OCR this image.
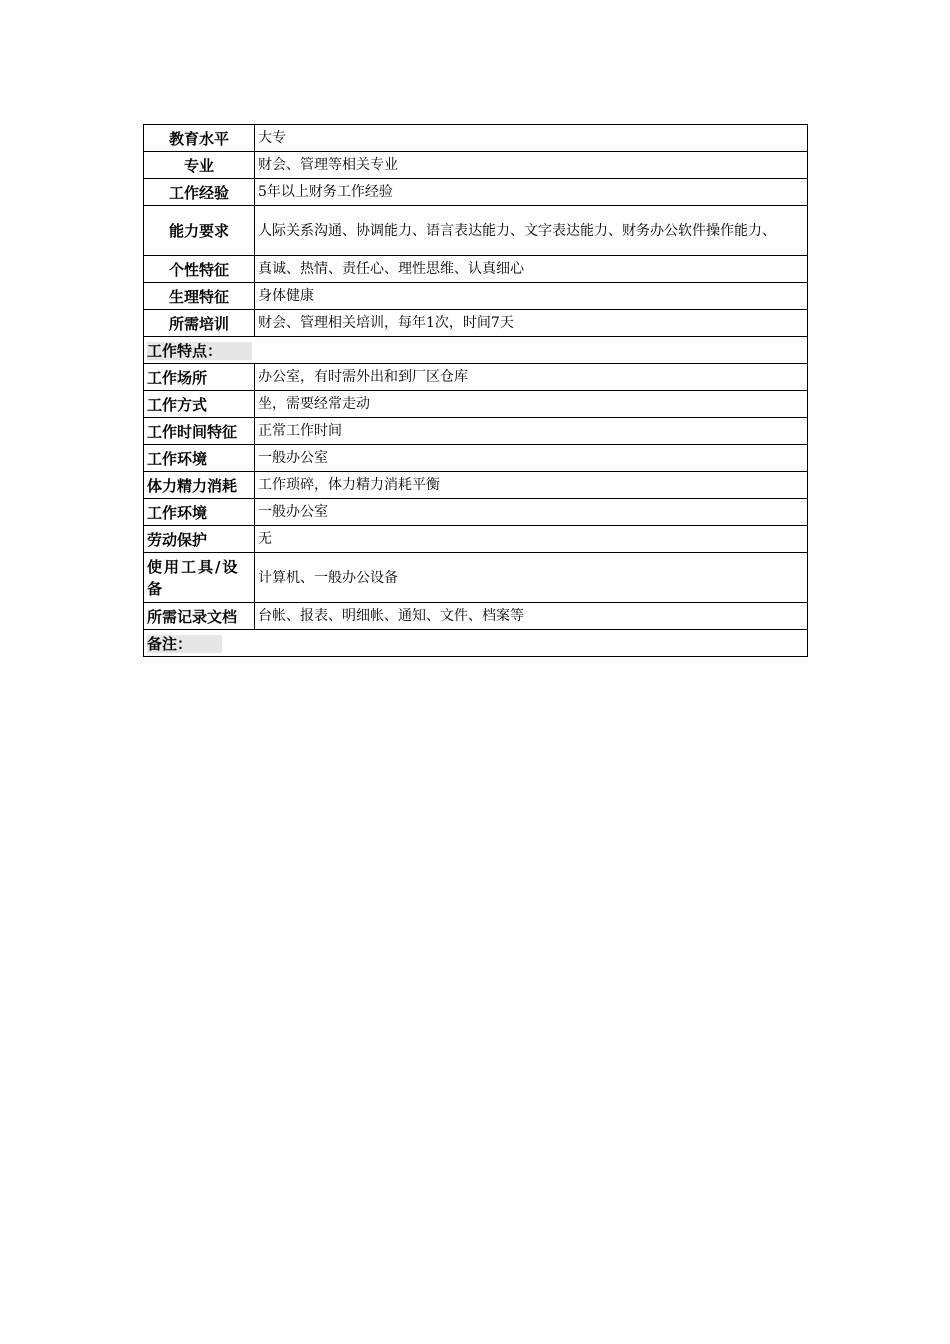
教育水平	大专
专业	财会、管理等相关专业
工作经验	5年以上财务工作经验
能力要求	人际关系沟通、协调能力、语言表达能力、文字表达能力、财务办公软件操作能力、
个性特征	真诚、热情、责任心、理性思维、认真细心
生理特征	身体健康
所需培训	财会、管理相关培训，每年1次，时间7天
工作特点：	
工作场所	办公室，有时需外出和到厂区仓库
工作方式	坐，需要经常走动
工作时间特征	正常工作时间
工作环境	一般办公室
体力精力消耗	工作琐碎，体力精力消耗平衡
工作环境	一般办公室
劳动保护	无
使用工具/设备	计算机、一般办公设备
所需记录文档	台帐、报表、明细帐、通知、文件、档案等
备注：	
